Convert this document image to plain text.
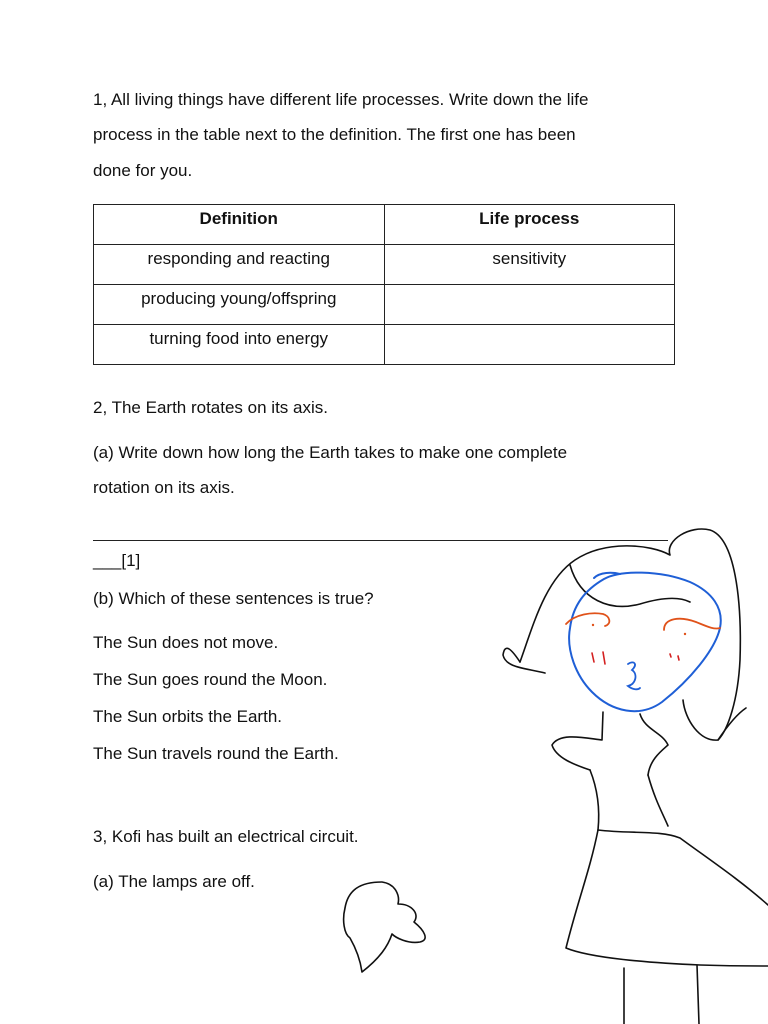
1, All living things have different life processes. Write down the life
process in the table next to the definition. The first one has been
done for you.
Definition	Life process
responding and reacting	sensitivity
producing young/offspring	
turning food into energy	
2, The Earth rotates on its axis.
(a) Write down how long the Earth takes to make one complete
rotation on its axis.
___[1]
(b) Which of these sentences is true?
The Sun does not move.
The Sun goes round the Moon.
The Sun orbits the Earth.
The Sun travels round the Earth.
3, Kofi has built an electrical circuit.
(a) The lamps are off.
